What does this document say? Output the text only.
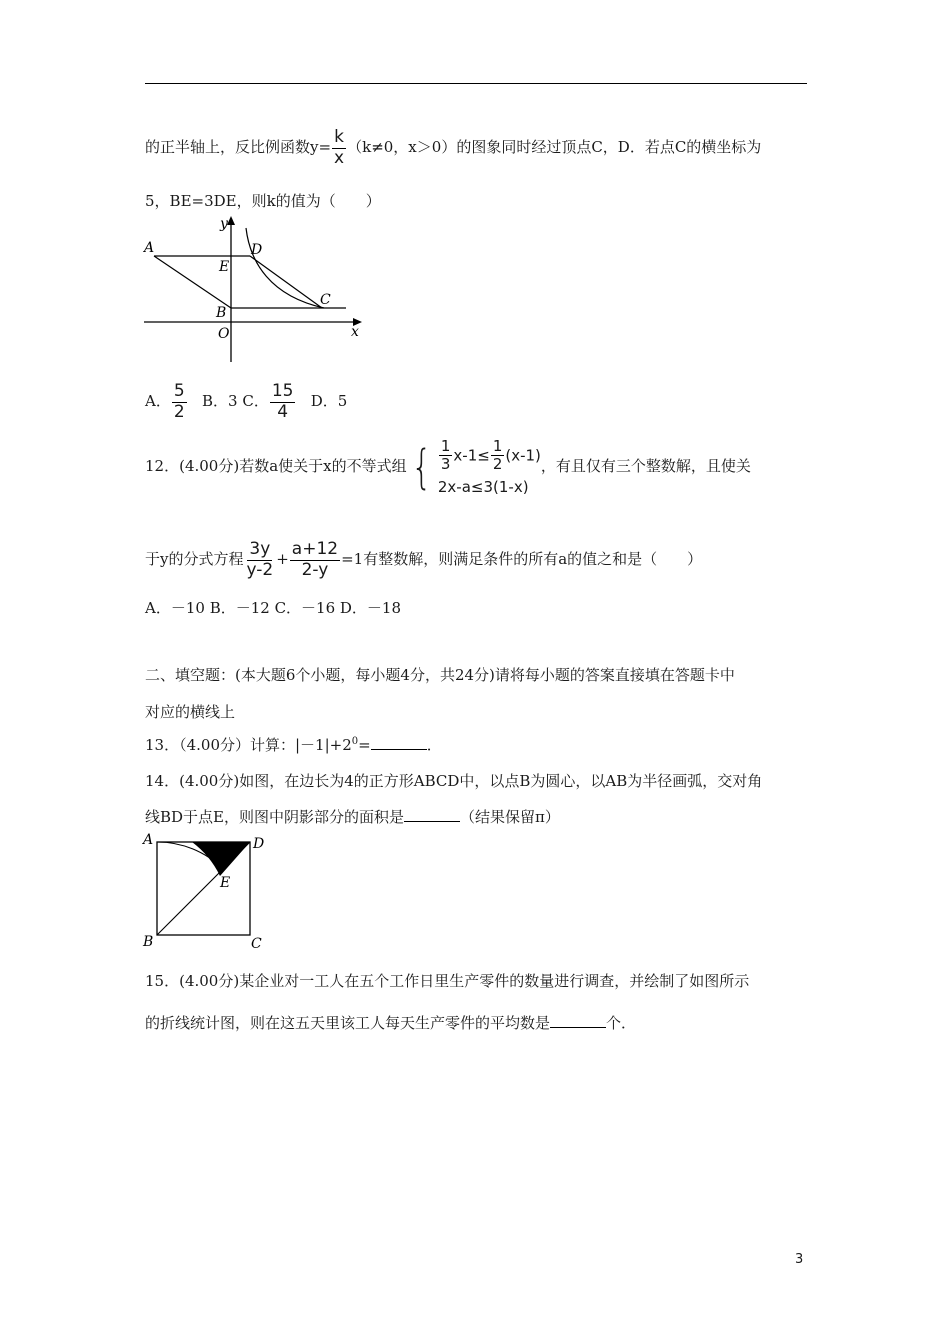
的正半轴上，反比例函数$y= \frac{k}{x} (k\ne 0$，x＞0）的图象同时经过顶点C，D．若点C的横坐标为
5，BE=3DE，则k的值为（　　）
y
A	D
E
C
B
O	x
A． $\frac{5}{2}$ B．3 C． $\frac{15}{4}$ D．5
12．(4.00分)若数a使关于x的不等式组 { $\frac{1}{3} x-1\le \frac{1}{2} (x-1)$
2x-a≤3(1-x)
，有且仅有三个整数解，且使关
于y的分式方程 $\frac{3y}{y-2} + \frac{a+12}{2-y} =1$有整数解，则满足条件的所有a的值之和是（　　）
A．－10 B．－12 C．－16 D．－18
二、填空题：(本大题6个小题，每小题4分，共24分)请将每小题的答案直接填在答题卡中
对应的横线上
13．（4.00分）计算：$|-1|+2^0=$	．
14．(4.00分)如图，在边长为4的正方形ABCD中，以点B为圆心，以AB为半径画弧，交对角
线BD于点E，则图中阴影部分的面积是	（结果保留π）
A	D
E
B	C
15．(4.00分)某企业对一工人在五个工作日里生产零件的数量进行调查，并绘制了如图所示
的折线统计图，则在这五天里该工人每天生产零件的平均数是	个．
3
